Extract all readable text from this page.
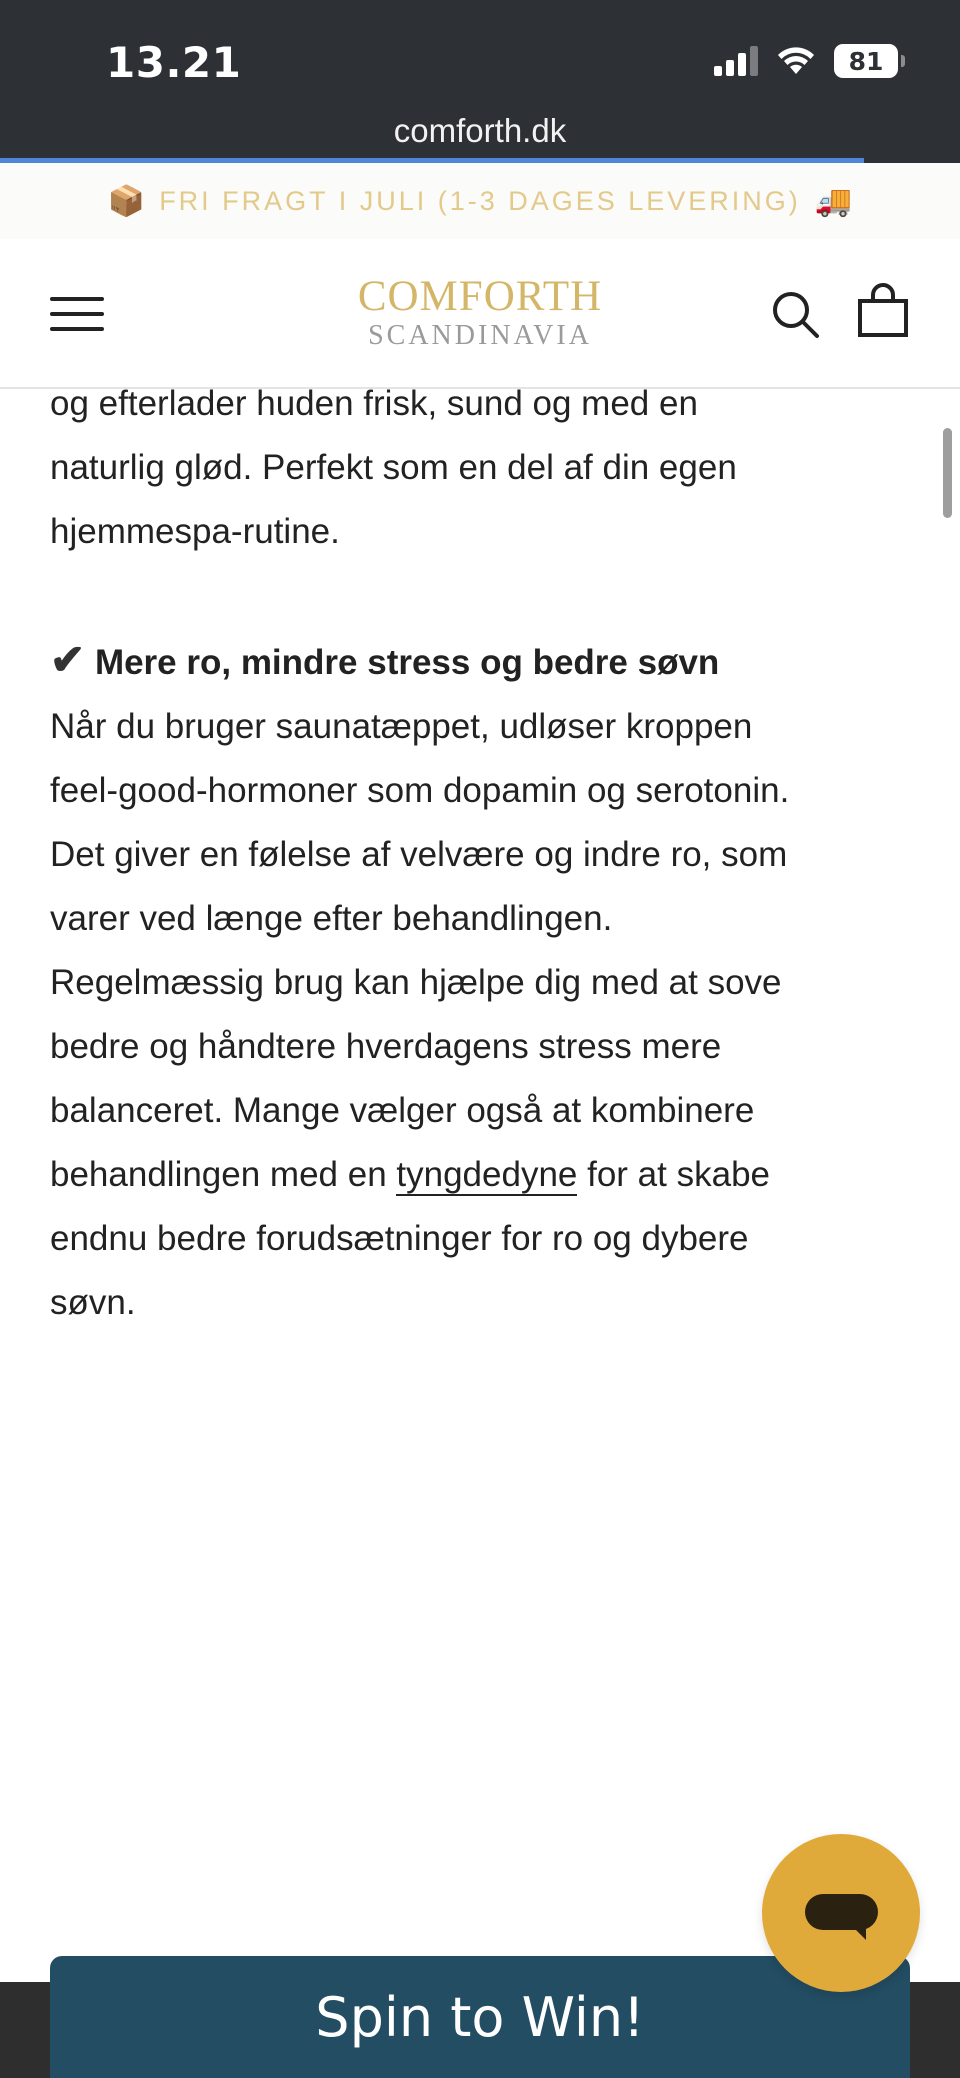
13.21	81
comforth.dk
📦 FRI FRAGT I JULI (1-3 DAGES LEVERING) 🚚
COMFORTH
SCANDINAVIA

og efterlader huden frisk, sund og med en
naturlig glød. Perfekt som en del af din egen
hjemmespa-rutine.

✔ Mere ro, mindre stress og bedre søvn

Når du bruger saunatæppet, udløser kroppen
feel-good-hormoner som dopamin og serotonin.
Det giver en følelse af velvære og indre ro, som
varer ved længe efter behandlingen.
Regelmæssig brug kan hjælpe dig med at sove
bedre og håndtere hverdagens stress mere
balanceret. Mange vælger også at kombinere
behandlingen med en tyngdedyne for at skabe
endnu bedre forudsætninger for ro og dybere
søvn.

Spin to Win!
